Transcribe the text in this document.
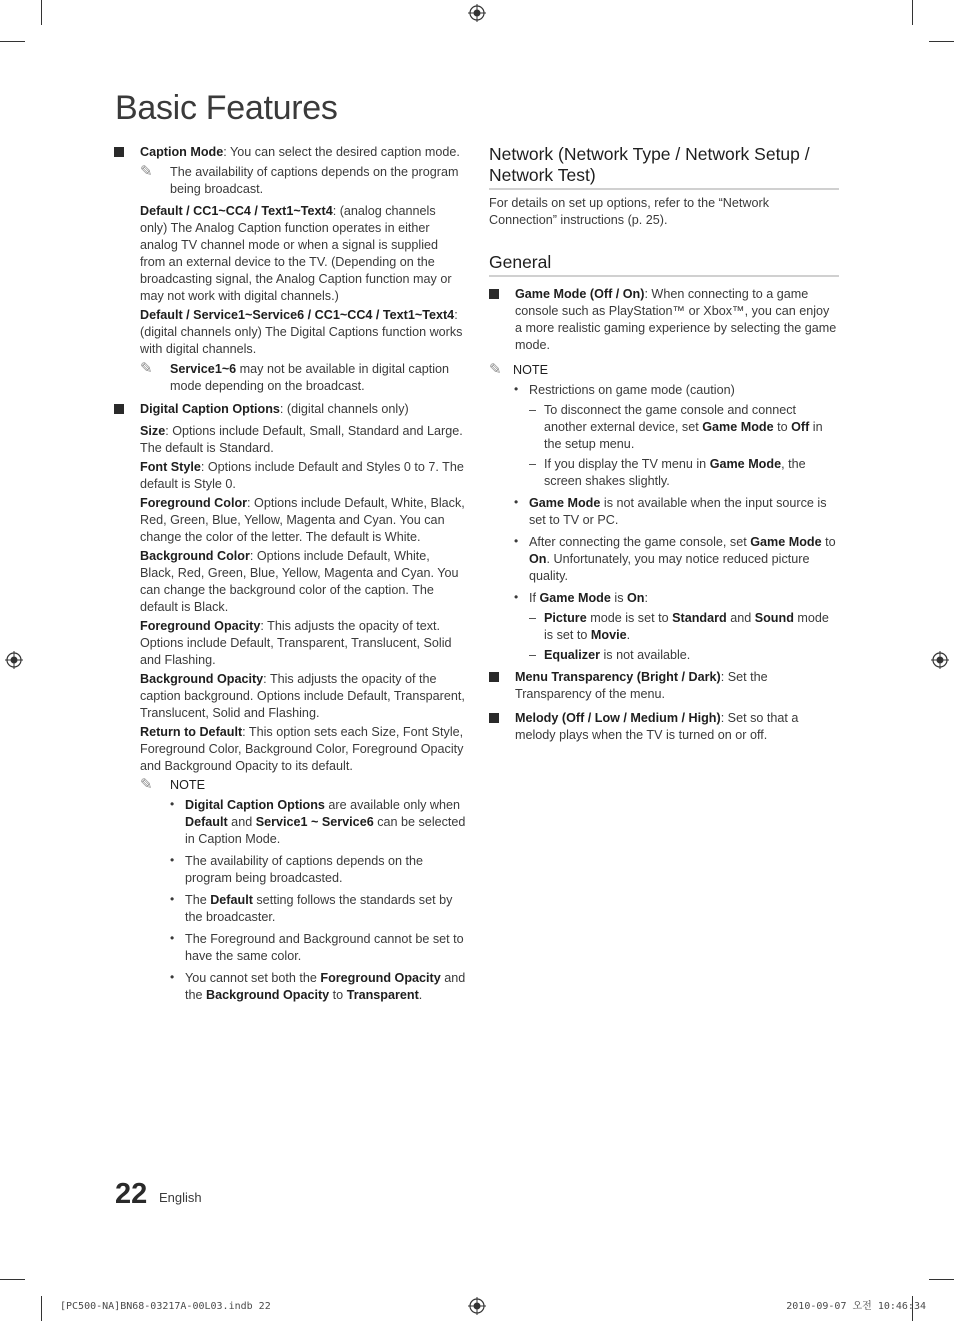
Basic Features

Caption Mode: You can select the desired caption mode.

✎ The availability of captions depends on the program being broadcast.

Default / CC1~CC4 / Text1~Text4: (analog channels only) The Analog Caption function operates in either analog TV channel mode or when a signal is supplied from an external device to the TV. (Depending on the broadcasting signal, the Analog Caption function may or may not work with digital channels.)

Default / Service1~Service6 / CC1~CC4 / Text1~Text4: (digital channels only) The Digital Captions function works with digital channels.

✎ Service1~6 may not be available in digital caption mode depending on the broadcast.

Digital Caption Options: (digital channels only)

Size: Options include Default, Small, Standard and Large. The default is Standard.

Font Style: Options include Default and Styles 0 to 7. The default is Style 0.

Foreground Color: Options include Default, White, Black, Red, Green, Blue, Yellow, Magenta and Cyan. You can change the color of the letter. The default is White.

Background Color: Options include Default, White, Black, Red, Green, Blue, Yellow, Magenta and Cyan. You can change the background color of the caption. The default is Black.

Foreground Opacity: This adjusts the opacity of text. Options include Default, Transparent, Translucent, Solid and Flashing.

Background Opacity: This adjusts the opacity of the caption background. Options include Default, Transparent, Translucent, Solid and Flashing.

Return to Default: This option sets each Size, Font Style, Foreground Color, Background Color, Foreground Opacity and Background Opacity to its default.

✎ NOTE
• Digital Caption Options are available only when Default and Service1 ~ Service6 can be selected in Caption Mode.
• The availability of captions depends on the program being broadcasted.
• The Default setting follows the standards set by the broadcaster.
• The Foreground and Background cannot be set to have the same color.
• You cannot set both the Foreground Opacity and the Background Opacity to Transparent.
Network (Network Type / Network Setup / Network Test)

For details on set up options, refer to the “Network Connection” instructions (p. 25).

General

Game Mode (Off / On): When connecting to a game console such as PlayStation™ or Xbox™, you can enjoy a more realistic gaming experience by selecting the game mode.

✎ NOTE
• Restrictions on game mode (caution)
– To disconnect the game console and connect another external device, set Game Mode to Off in the setup menu.
– If you display the TV menu in Game Mode, the screen shakes slightly.
• Game Mode is not available when the input source is set to TV or PC.
• After connecting the game console, set Game Mode to On. Unfortunately, you may notice reduced picture quality.
• If Game Mode is On:
– Picture mode is set to Standard and Sound mode is set to Movie.
– Equalizer is not available.

Menu Transparency (Bright / Dark): Set the Transparency of the menu.

Melody (Off / Low / Medium / High): Set so that a melody plays when the TV is turned on or off.

22 English
[PC500-NA]BN68-03217A-00L03.indb 22	2010-09-07 오전 10:46:34
